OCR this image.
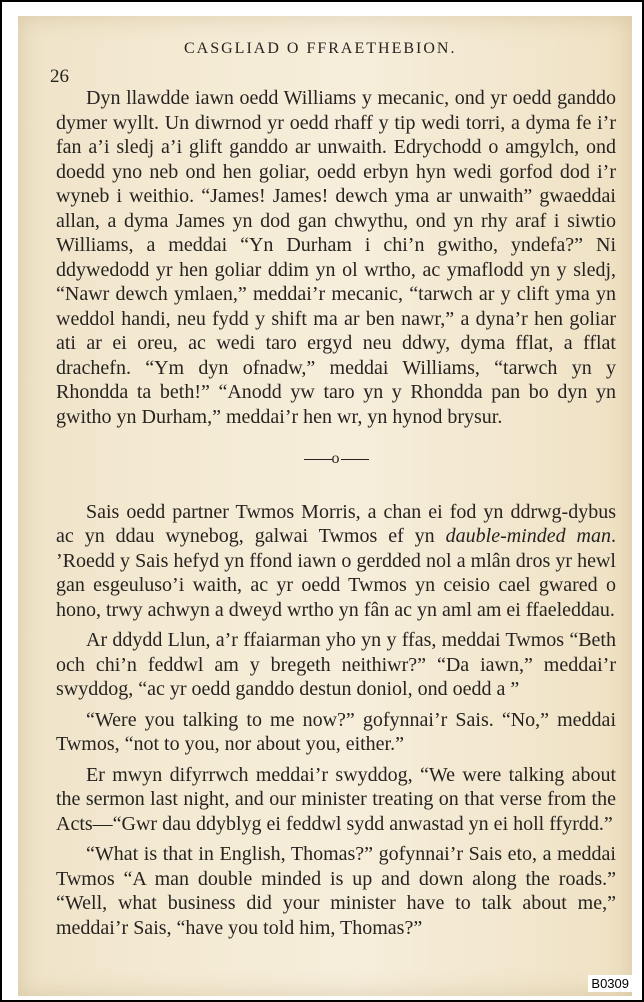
CASGLIAD O FFRAETHEBION.
26

Dyn llawdde iawn oedd Williams y mecanic, ond yr oedd ganddo dymer wyllt. Un diwrnod yr oedd rhaff y tip wedi torri, a dyma fe i’r fan a’i sledj a’i glift ganddo ar unwaith. Edrychodd o amgylch, ond doedd yno neb ond hen goliar, oedd erbyn hyn wedi gorfod dod i’r wyneb i weithio. “James! James! dewch yma ar unwaith” gwaeddai allan, a dyma James yn dod gan chwythu, ond yn rhy araf i siwtio Williams, a meddai “Yn Durham i chi’n gwitho, yndefa?” Ni ddywedodd yr hen goliar ddim yn ol wrtho, ac ymaflodd yn y sledj, “Nawr dewch ymlaen,” meddai’r mecanic, “tarwch ar y clift yma yn weddol handi, neu fydd y shift ma ar ben nawr,” a dyna’r hen goliar ati ar ei oreu, ac wedi taro ergyd neu ddwy, dyma fflat, a fflat drachefn. “Ym dyn ofnadw,” meddai Williams, “tarwch yn y Rhondda ta beth!” “Anodd yw taro yn y Rhondda pan bo dyn yn gwitho yn Durham,” meddai’r hen wr, yn hynod brysur.

o

Sais oedd partner Twmos Morris, a chan ei fod yn ddrwg-dybus ac yn ddau wynebog, galwai Twmos ef yn dauble-minded man. ’Roedd y Sais hefyd yn ffond iawn o gerdded nol a mlân dros yr hewl gan esgeuluso’i waith, ac yr oedd Twmos yn ceisio cael gwared o hono, trwy achwyn a dweyd wrtho yn fân ac yn aml am ei ffaeleddau.

Ar ddydd Llun, a’r ffaiarman yho yn y ffas, meddai Twmos “Beth och chi’n feddwl am y bregeth neithiwr?” “Da iawn,” meddai’r swyddog, “ac yr oedd ganddo destun doniol, ond oedd a ”

“Were you talking to me now?” gofynnai’r Sais. “No,” meddai Twmos, “not to you, nor about you, either.”

Er mwyn difyrrwch meddai’r swyddog, “We were talking about the sermon last night, and our minister treating on that verse from the Acts—“Gwr dau ddyblyg ei feddwl sydd anwastad yn ei holl ffyrdd.”

“What is that in English, Thomas?” gofynnai’r Sais eto, a meddai Twmos “A man double minded is up and down along the roads.” “Well, what business did your minister have to talk about me,” meddai’r Sais, “have you told him, Thomas?”

B0309
